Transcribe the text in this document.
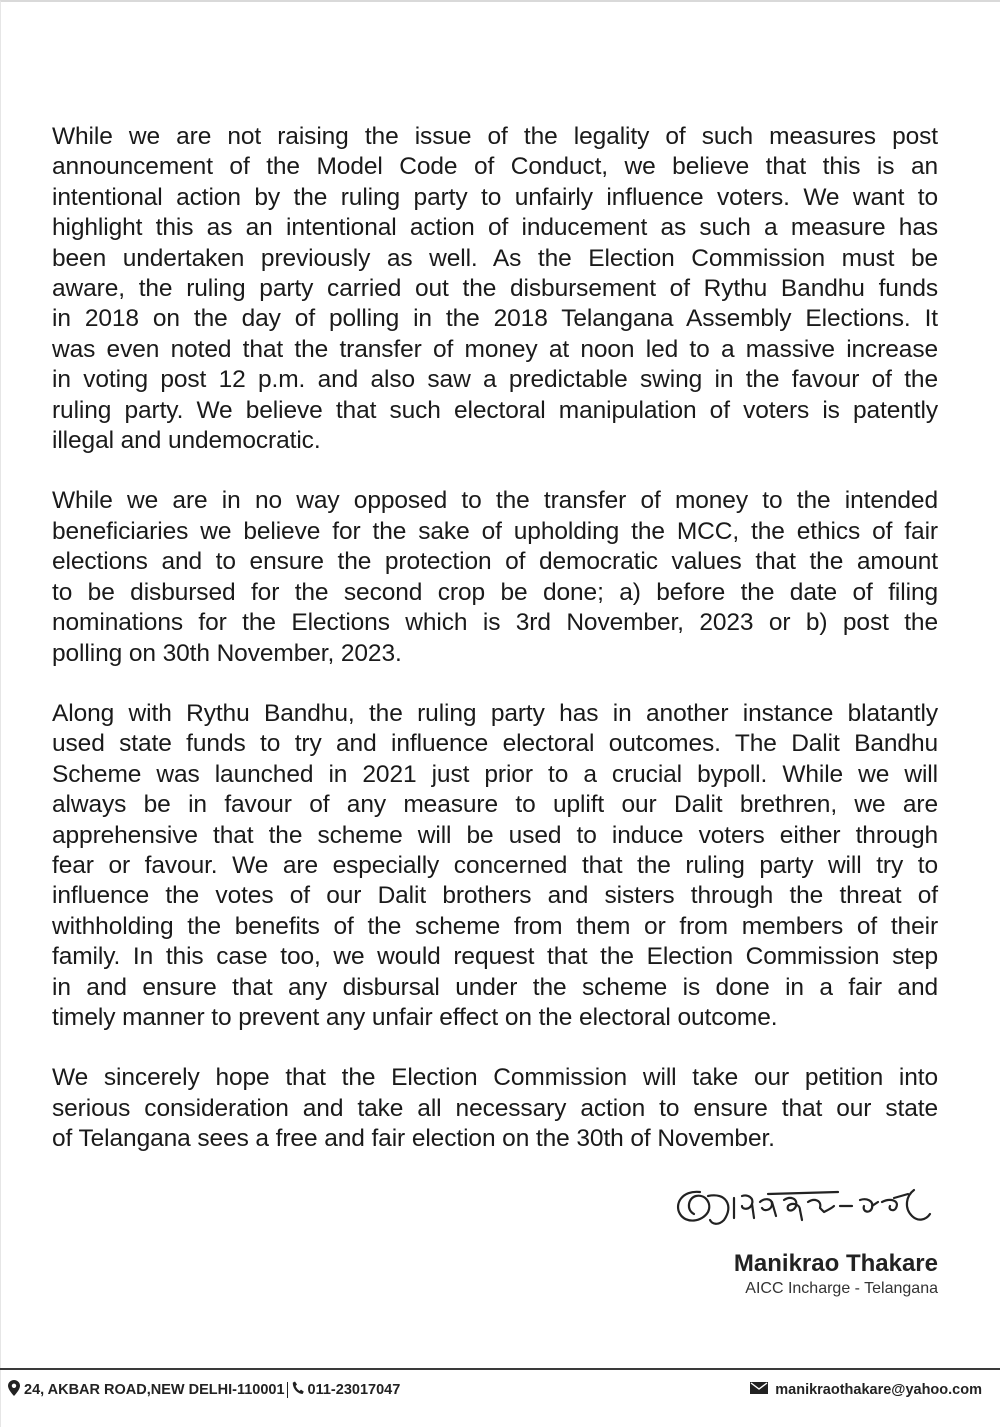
While we are not raising the issue of the legality of such measures post
announcement of the Model Code of Conduct, we believe that this is an
intentional action by the ruling party to unfairly influence voters. We want to
highlight this as an intentional action of inducement as such a measure has
been undertaken previously as well. As the Election Commission must be
aware, the ruling party carried out the disbursement of Rythu Bandhu funds
in 2018 on the day of polling in the 2018 Telangana Assembly Elections. It
was even noted that the transfer of money at noon led to a massive increase
in voting post 12 p.m. and also saw a predictable swing in the favour of the
ruling party. We believe that such electoral manipulation of voters is patently
illegal and undemocratic.

While we are in no way opposed to the transfer of money to the intended
beneficiaries we believe for the sake of upholding the MCC, the ethics of fair
elections and to ensure the protection of democratic values that the amount
to be disbursed for the second crop be done; a) before the date of filing
nominations for the Elections which is 3rd November, 2023 or b) post the
polling on 30th November, 2023.

Along with Rythu Bandhu, the ruling party has in another instance blatantly
used state funds to try and influence electoral outcomes. The Dalit Bandhu
Scheme was launched in 2021 just prior to a crucial bypoll. While we will
always be in favour of any measure to uplift our Dalit brethren, we are
apprehensive that the scheme will be used to induce voters either through
fear or favour. We are especially concerned that the ruling party will try to
influence the votes of our Dalit brothers and sisters through the threat of
withholding the benefits of the scheme from them or from members of their
family. In this case too, we would request that the Election Commission step
in and ensure that any disbursal under the scheme is done in a fair and
timely manner to prevent any unfair effect on the electoral outcome.

We sincerely hope that the Election Commission will take our petition into
serious consideration and take all necessary action to ensure that our state
of Telangana sees a free and fair election on the 30th of November.

Manikrao Thakare
AICC Incharge - Telangana
24, AKBAR ROAD,NEW DELHI-110001 011-23017047	manikraothakare@yahoo.com
